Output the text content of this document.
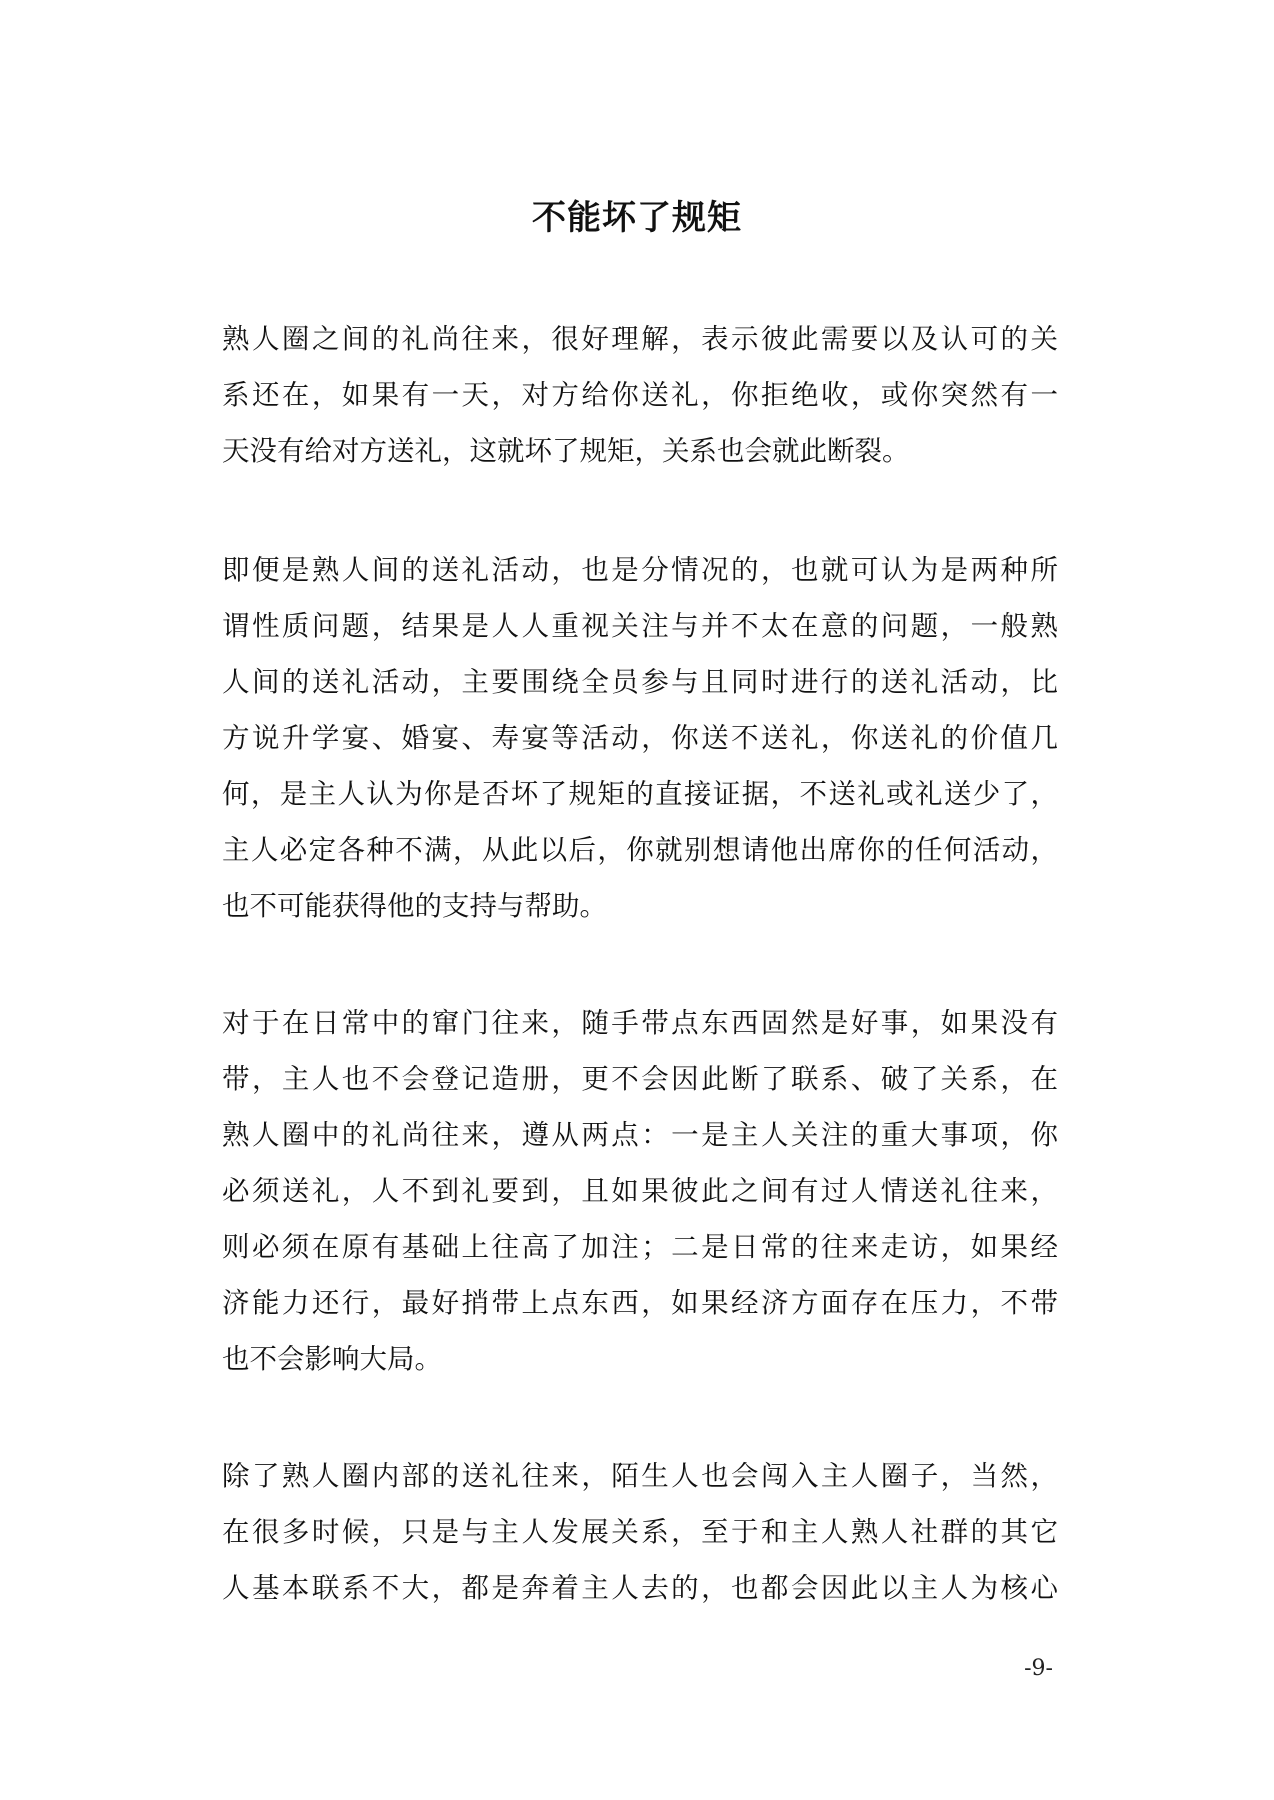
不能坏了规矩
熟人圈之间的礼尚往来，很好理解，表示彼此需要以及认可的关
系还在，如果有一天，对方给你送礼，你拒绝收，或你突然有一
天没有给对方送礼，这就坏了规矩，关系也会就此断裂。
即便是熟人间的送礼活动，也是分情况的，也就可认为是两种所
谓性质问题，结果是人人重视关注与并不太在意的问题，一般熟
人间的送礼活动，主要围绕全员参与且同时进行的送礼活动，比
方说升学宴、婚宴、寿宴等活动，你送不送礼，你送礼的价值几
何，是主人认为你是否坏了规矩的直接证据，不送礼或礼送少了，
主人必定各种不满，从此以后，你就别想请他出席你的任何活动，
也不可能获得他的支持与帮助。
对于在日常中的窜门往来，随手带点东西固然是好事，如果没有
带，主人也不会登记造册，更不会因此断了联系、破了关系，在
熟人圈中的礼尚往来，遵从两点：一是主人关注的重大事项，你
必须送礼，人不到礼要到，且如果彼此之间有过人情送礼往来，
则必须在原有基础上往高了加注；二是日常的往来走访，如果经
济能力还行，最好捎带上点东西，如果经济方面存在压力，不带
也不会影响大局。
除了熟人圈内部的送礼往来，陌生人也会闯入主人圈子，当然，
在很多时候，只是与主人发展关系，至于和主人熟人社群的其它
人基本联系不大，都是奔着主人去的，也都会因此以主人为核心
-9-
